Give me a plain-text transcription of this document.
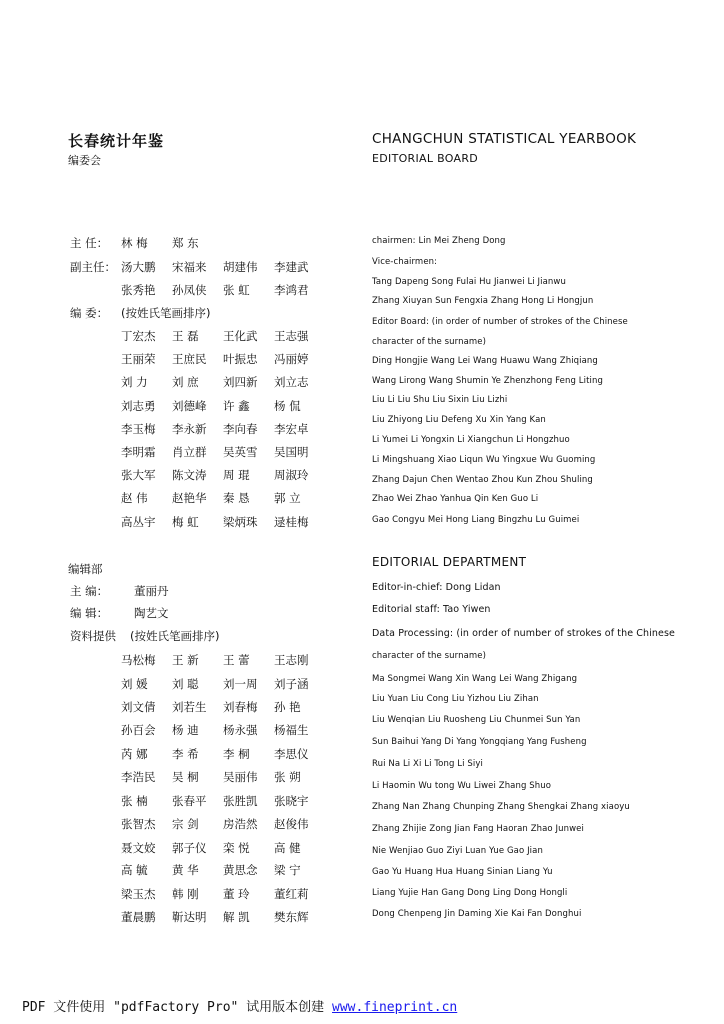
长春统计年鉴
编委会
CHANGCHUN STATISTICAL YEARBOOK
EDITORIAL BOARD
主 任： 林 梅	郑 东
副主任： 汤大鹏	宋福来	胡建伟	李建武
张秀艳	孙凤侠	张 虹	李鸿君
编 委： (按姓氏笔画排序)
丁宏杰	王 磊	王化武	王志强
王丽荣	王庶民	叶振忠	冯丽婷
刘 力	刘 庶	刘四新	刘立志
刘志勇	刘德峰	许 鑫	杨 侃
李玉梅	李永新	李向春	李宏卓
李明霜	肖立群	吴英雪	吴国明
张大军	陈文涛	周 琨	周淑玲
赵 伟	赵艳华	秦 恳	郭 立
高丛宇	梅 虹	梁炳珠	逯桂梅
chairmen: Lin Mei Zheng Dong
Vice-chairmen:
Tang Dapeng Song Fulai Hu Jianwei Li Jianwu
Zhang Xiuyan Sun Fengxia Zhang Hong Li Hongjun
Editor Board: (in order of number of strokes of the Chinese
character of the surname)
Ding Hongjie Wang Lei Wang Huawu Wang Zhiqiang
Wang Lirong Wang Shumin Ye Zhenzhong Feng Liting
Liu Li Liu Shu Liu Sixin Liu Lizhi
Liu Zhiyong Liu Defeng Xu Xin Yang Kan
Li Yumei Li Yongxin Li Xiangchun Li Hongzhuo
Li Mingshuang Xiao Liqun Wu Yingxue Wu Guoming
Zhang Dajun Chen Wentao Zhou Kun Zhou Shuling
Zhao Wei Zhao Yanhua Qin Ken Guo Li
Gao Congyu Mei Hong Liang Bingzhu Lu Guimei
编辑部
主 编： 董丽丹
编 辑： 陶艺文
资料提供 (按姓氏笔画排序)
马松梅	王 新	王 蕾	王志刚
刘 媛	刘 聪	刘一周	刘子涵
刘文倩	刘若生	刘春梅	孙 艳
孙百会	杨 迪	杨永强	杨福生
芮 娜	李 希	李 桐	李思仪
李浩民	吴 桐	吴丽伟	张 朔
张 楠	张春平	张胜凯	张晓宇
张智杰	宗 剑	房浩然	赵俊伟
聂文姣	郭子仪	栾 悦	高 健
高 毓	黄 华	黄思念	梁 宁
梁玉杰	韩 刚	董 玲	董红莉
董晨鹏	靳达明	解 凯	樊东辉
EDITORIAL DEPARTMENT
Editor-in-chief: Dong Lidan
Editorial staff: Tao Yiwen
Data Processing: (in order of number of strokes of the Chinese
character of the surname)
Ma Songmei Wang Xin Wang Lei Wang Zhigang
Liu Yuan Liu Cong Liu Yizhou Liu Zihan
Liu Wenqian Liu Ruosheng Liu Chunmei Sun Yan
Sun Baihui Yang Di Yang Yongqiang Yang Fusheng
Rui Na Li Xi Li Tong Li Siyi
Li Haomin Wu tong Wu Liwei Zhang Shuo
Zhang Nan Zhang Chunping Zhang Shengkai Zhang xiaoyu
Zhang Zhijie Zong Jian Fang Haoran Zhao Junwei
Nie Wenjiao Guo Ziyi Luan Yue Gao Jian
Gao Yu Huang Hua Huang Sinian Liang Yu
Liang Yujie Han Gang Dong Ling Dong Hongli
Dong Chenpeng Jin Daming Xie Kai Fan Donghui
PDF 文件使用 "pdfFactory Pro" 试用版本创建 www.fineprint.cn
